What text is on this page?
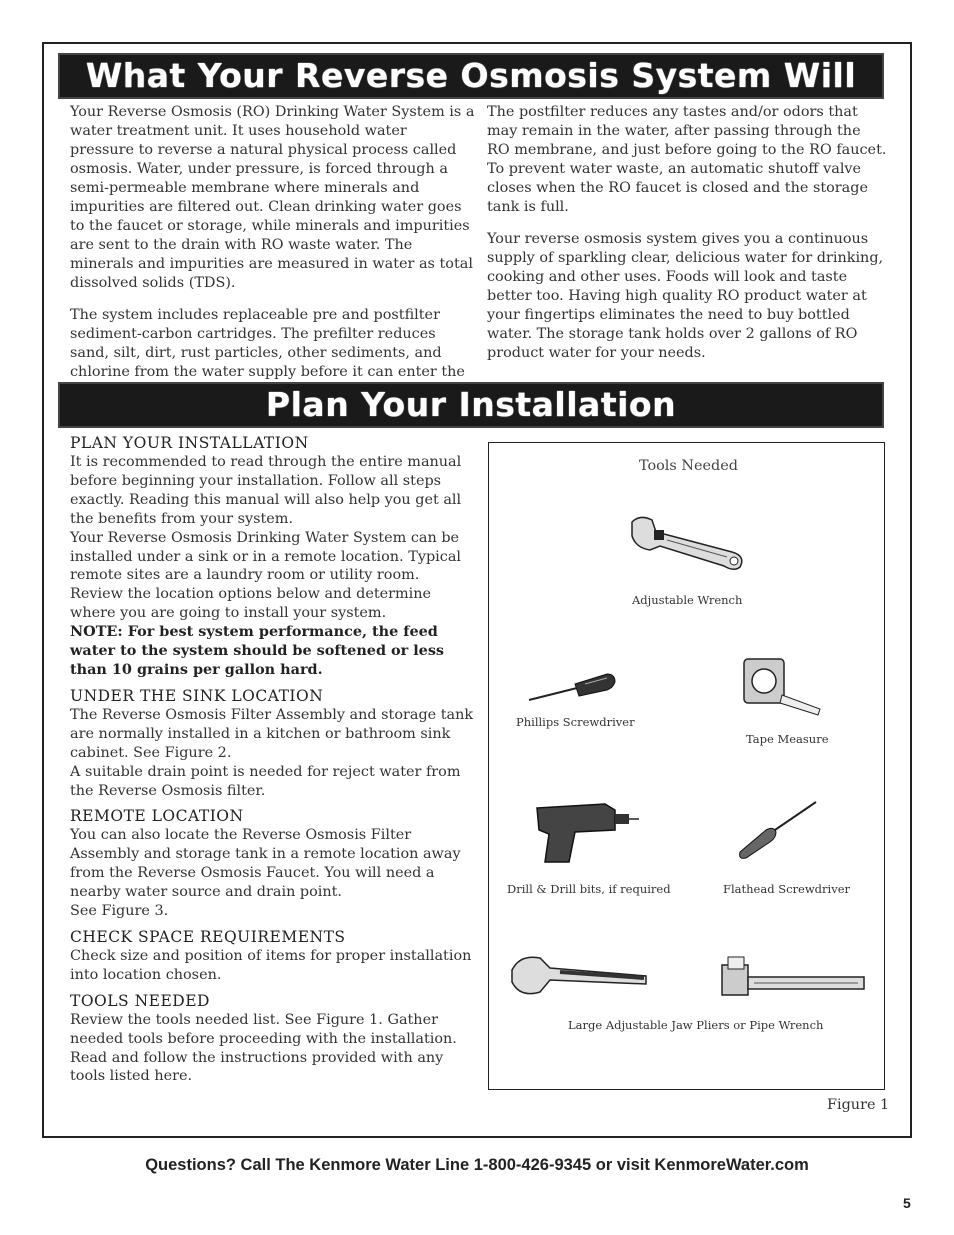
What Your Reverse Osmosis System Will Do

Your Reverse Osmosis (RO) Drinking Water System is a water treatment unit. It uses household water pressure to reverse a natural physical process called osmosis. Water, under pressure, is forced through a semi-permeable membrane where minerals and impurities are filtered out. Clean drinking water goes to the faucet or storage, while minerals and impurities are sent to the drain with RO waste water. The minerals and impurities are measured in water as total dissolved solids (TDS).

The system includes replaceable pre and postfilter sediment-carbon cartridges. The prefilter reduces sand, silt, dirt, rust particles, other sediments, and chlorine from the water supply before it can enter the

The postfilter reduces any tastes and/or odors that may remain in the water, after passing through the RO membrane, and just before going to the RO faucet. To prevent water waste, an automatic shutoff valve closes when the RO faucet is closed and the storage tank is full.

Your reverse osmosis system gives you a continuous supply of sparkling clear, delicious water for drinking, cooking and other uses. Foods will look and taste better too. Having high quality RO product water at your fingertips eliminates the need to buy bottled water. The storage tank holds over 2 gallons of RO product water for your needs.

Plan Your Installation
PLAN YOUR INSTALLATION

It is recommended to read through the entire manual before beginning your installation. Follow all steps exactly. Reading this manual will also help you get all the benefits from your system.

Your Reverse Osmosis Drinking Water System can be installed under a sink or in a remote location. Typical remote sites are a laundry room or utility room. Review the location options below and determine where you are going to install your system.

NOTE: For best system performance, the feed water to the system should be softened or less than 10 grains per gallon hard.

UNDER THE SINK LOCATION

The Reverse Osmosis Filter Assembly and storage tank are normally installed in a kitchen or bathroom sink cabinet. See Figure 2.

A suitable drain point is needed for reject water from the Reverse Osmosis filter.

REMOTE LOCATION

You can also locate the Reverse Osmosis Filter Assembly and storage tank in a remote location away from the Reverse Osmosis Faucet. You will need a nearby water source and drain point.

See Figure 3.

CHECK SPACE REQUIREMENTS

Check size and position of items for proper installation into location chosen.

TOOLS NEEDED

Review the tools needed list. See Figure 1. Gather needed tools before proceeding with the installation. Read and follow the instructions provided with any tools listed here.

Tools Needed
Adjustable Wrench
Phillips Screwdriver
Tape Measure
Drill & Drill bits, if required	Flathead Screwdriver
Large Adjustable Jaw Pliers or Pipe Wrench
Figure 1
Questions? Call The Kenmore Water Line 1-800-426-9345 or visit KenmoreWater.com
5
